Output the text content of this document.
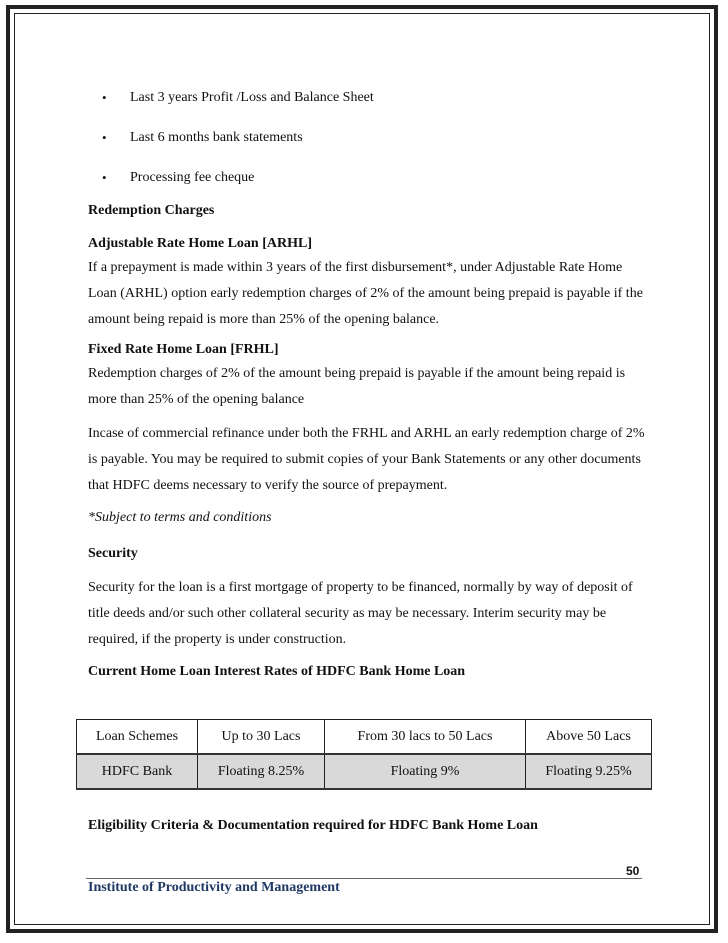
• Last 3 years Profit /Loss and Balance Sheet
• Last 6 months bank statements
• Processing fee cheque
Redemption Charges
Adjustable Rate Home Loan [ARHL]
If a prepayment is made within 3 years of the first disbursement*, under Adjustable Rate Home Loan (ARHL) option early redemption charges of 2% of the amount being prepaid is payable if the amount being repaid is more than 25% of the opening balance.
Fixed Rate Home Loan [FRHL]
Redemption charges of 2% of the amount being prepaid is payable if the amount being repaid is more than 25% of the opening balance
Incase of commercial refinance under both the FRHL and ARHL an early redemption charge of 2% is payable. You may be required to submit copies of your Bank Statements or any other documents that HDFC deems necessary to verify the source of prepayment.
*Subject to terms and conditions
Security
Security for the loan is a first mortgage of property to be financed, normally by way of deposit of title deeds and/or such other collateral security as may be necessary. Interim security may be required, if the property is under construction.
Current Home Loan Interest Rates of HDFC Bank Home Loan
Loan Schemes	Up to 30 Lacs	From 30 lacs to 50 Lacs	Above 50 Lacs
HDFC Bank	Floating 8.25%	Floating 9%	Floating 9.25%
Eligibility Criteria & Documentation required for HDFC Bank Home Loan
50
Institute of Productivity and Management
